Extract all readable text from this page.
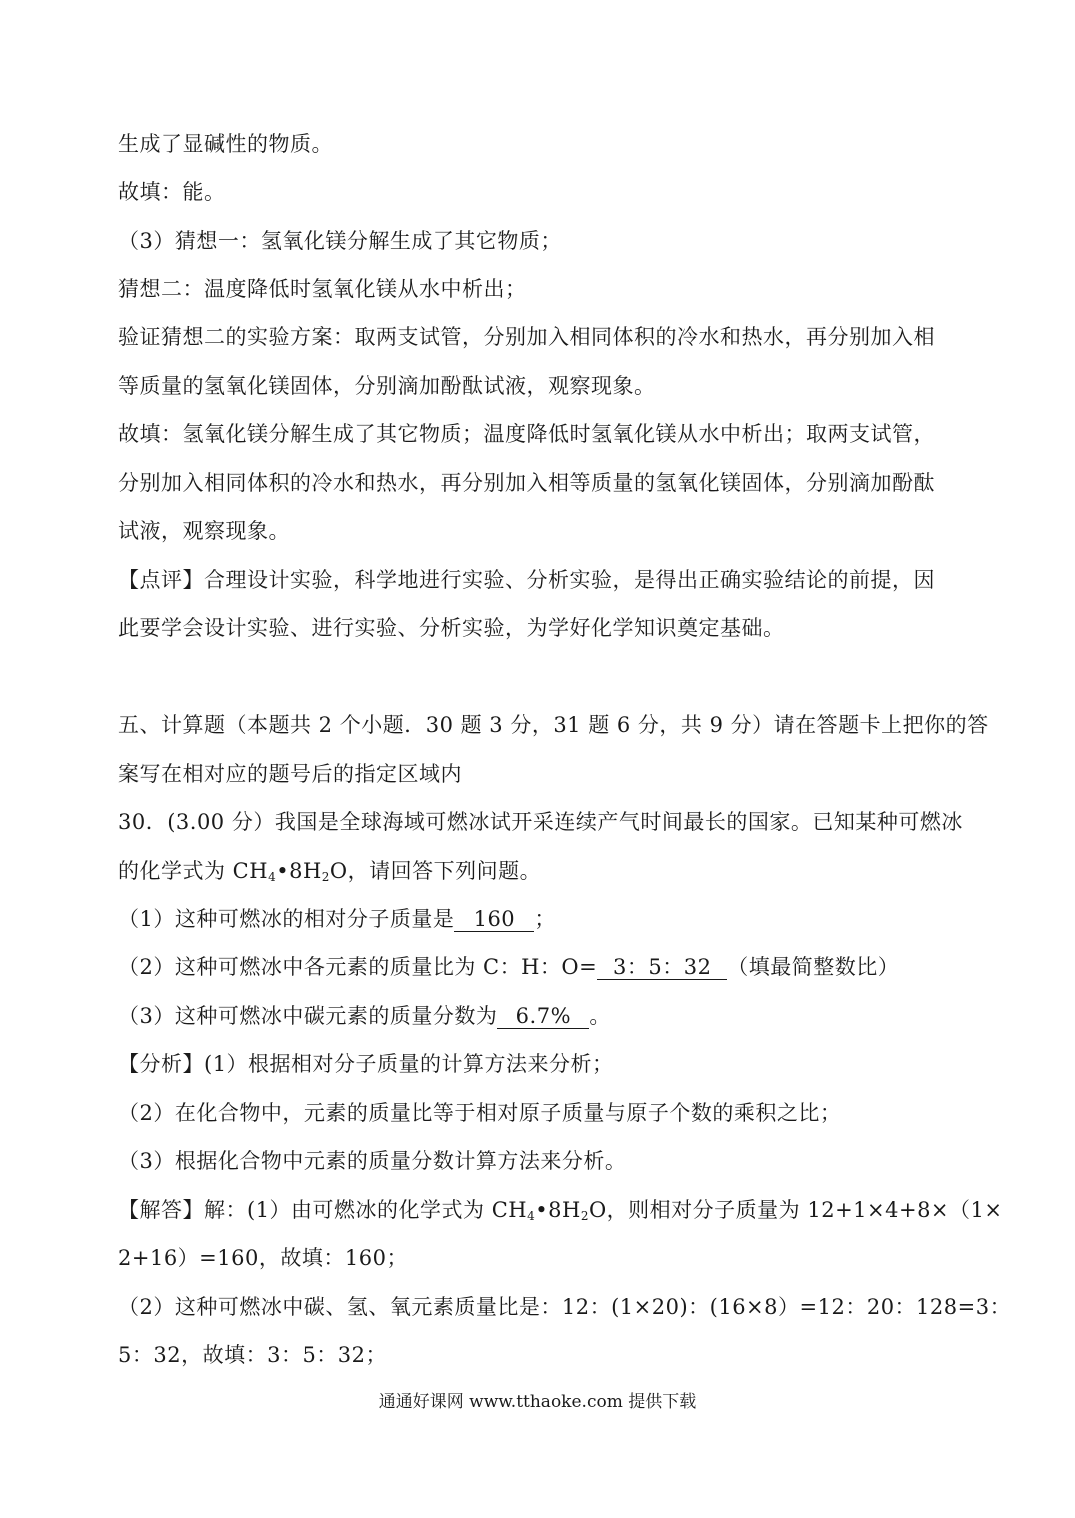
生成了显碱性的物质。
故填：能。
（3）猜想一：氢氧化镁分解生成了其它物质；
猜想二：温度降低时氢氧化镁从水中析出；
验证猜想二的实验方案：取两支试管，分别加入相同体积的冷水和热水，再分别加入相
等质量的氢氧化镁固体，分别滴加酚酞试液，观察现象。
故填：氢氧化镁分解生成了其它物质；温度降低时氢氧化镁从水中析出；取两支试管，
分别加入相同体积的冷水和热水，再分别加入相等质量的氢氧化镁固体，分别滴加酚酞
试液，观察现象。
【点评】合理设计实验，科学地进行实验、分析实验，是得出正确实验结论的前提，因
此要学会设计实验、进行实验、分析实验，为学好化学知识奠定基础。
五、计算题（本题共 2 个小题．30 题 3 分，31 题 6 分，共 9 分）请在答题卡上把你的答
案写在相对应的题号后的指定区域内
30．(3.00 分）我国是全球海域可燃冰试开采连续产气时间最长的国家。已知某种可燃冰
的化学式为 $CH_4•8H_2O$，请回答下列问题。
（1）这种可燃冰的相对分子质量是 160 ；
（2）这种可燃冰中各元素的质量比为 C：H：O= 3：5：32 （填最简整数比）
（3）这种可燃冰中碳元素的质量分数为 6.7% 。
【分析】(1）根据相对分子质量的计算方法来分析；
（2）在化合物中，元素的质量比等于相对原子质量与原子个数的乘积之比；
（3）根据化合物中元素的质量分数计算方法来分析。
【解答】解：(1）由可燃冰的化学式为 $CH_4•8H_2O$，则相对分子质量为 12+1×4+8×（1×
2+16）=160，故填：160；
（2）这种可燃冰中碳、氢、氧元素质量比是：12：(1×20)：(16×8）=12：20：128=3：
5：32，故填：3：5：32；
通通好课网 www.tthaoke.com 提供下载
